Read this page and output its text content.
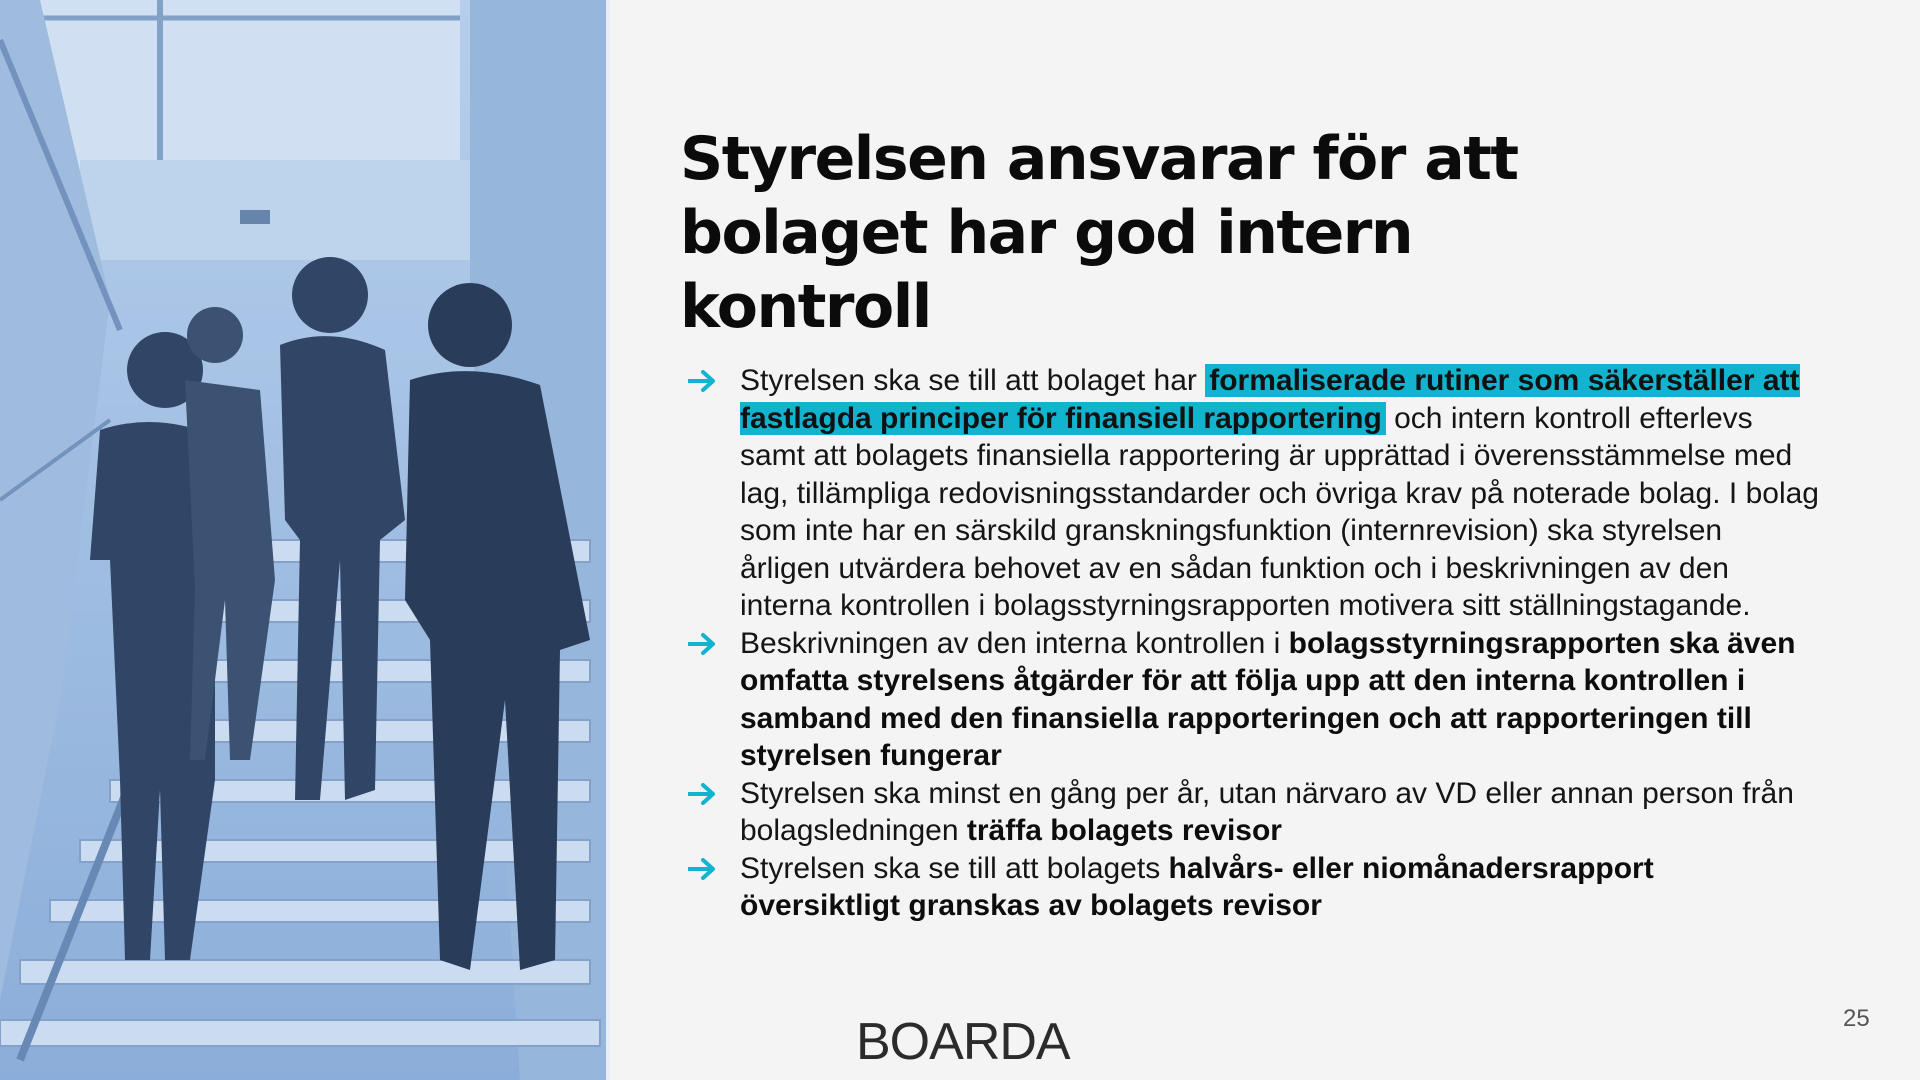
Styrelsen ansvarar för att bolaget har god intern kontroll
Styrelsen ska se till att bolaget har formaliserade rutiner som säkerställer att fastlagda principer för finansiell rapportering och intern kontroll efterlevs samt att bolagets finansiella rapportering är upprättad i överensstämmelse med lag, tillämpliga redovisningsstandarder och övriga krav på noterade bolag. I bolag som inte har en särskild granskningsfunktion (internrevision) ska styrelsen årligen utvärdera behovet av en sådan funktion och i beskrivningen av den interna kontrollen i bolagsstyrningsrapporten motivera sitt ställningstagande.
Beskrivningen av den interna kontrollen i bolagsstyrningsrapporten ska även omfatta styrelsens åtgärder för att följa upp att den interna kontrollen i samband med den finansiella rapporteringen och att rapporteringen till styrelsen fungerar
Styrelsen ska minst en gång per år, utan närvaro av VD eller annan person från bolagsledningen träffa bolagets revisor
Styrelsen ska se till att bolagets halvårs- eller niomånadersrapport översiktligt granskas av bolagets revisor
BOARDA	25
